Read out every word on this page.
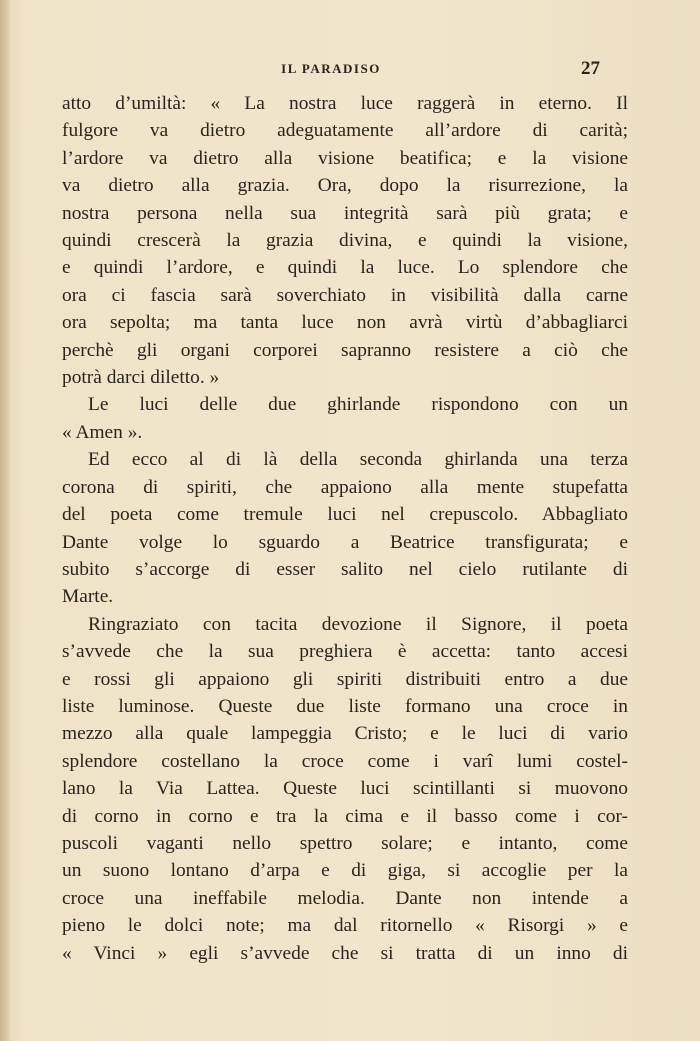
IL PARADISO	27
atto d’umiltà: « La nostra luce raggerà in eterno. Il
fulgore va dietro adeguatamente all’ardore di carità;
l’ardore va dietro alla visione beatifica; e la visione
va dietro alla grazia. Ora, dopo la risurrezione, la
nostra persona nella sua integrità sarà più grata; e
quindi crescerà la grazia divina, e quindi la visione,
e quindi l’ardore, e quindi la luce. Lo splendore che
ora ci fascia sarà soverchiato in visibilità dalla carne
ora sepolta; ma tanta luce non avrà virtù d’abbagliarci
perchè gli organi corporei sapranno resistere a ciò che
potrà darci diletto. »
Le luci delle due ghirlande rispondono con un
« Amen ».
Ed ecco al di là della seconda ghirlanda una terza
corona di spiriti, che appaiono alla mente stupefatta
del poeta come tremule luci nel crepuscolo. Abbagliato
Dante volge lo sguardo a Beatrice transfigurata; e
subito s’accorge di esser salito nel cielo rutilante di
Marte.
Ringraziato con tacita devozione il Signore, il poeta
s’avvede che la sua preghiera è accetta: tanto accesi
e rossi gli appaiono gli spiriti distribuiti entro a due
liste luminose. Queste due liste formano una croce in
mezzo alla quale lampeggia Cristo; e le luci di vario
splendore costellano la croce come i varî lumi costel-
lano la Via Lattea. Queste luci scintillanti si muovono
di corno in corno e tra la cima e il basso come i cor-
puscoli vaganti nello spettro solare; e intanto, come
un suono lontano d’arpa e di giga, si accoglie per la
croce una ineffabile melodia. Dante non intende a
pieno le dolci note; ma dal ritornello « Risorgi » e
« Vinci » egli s’avvede che si tratta di un inno di
